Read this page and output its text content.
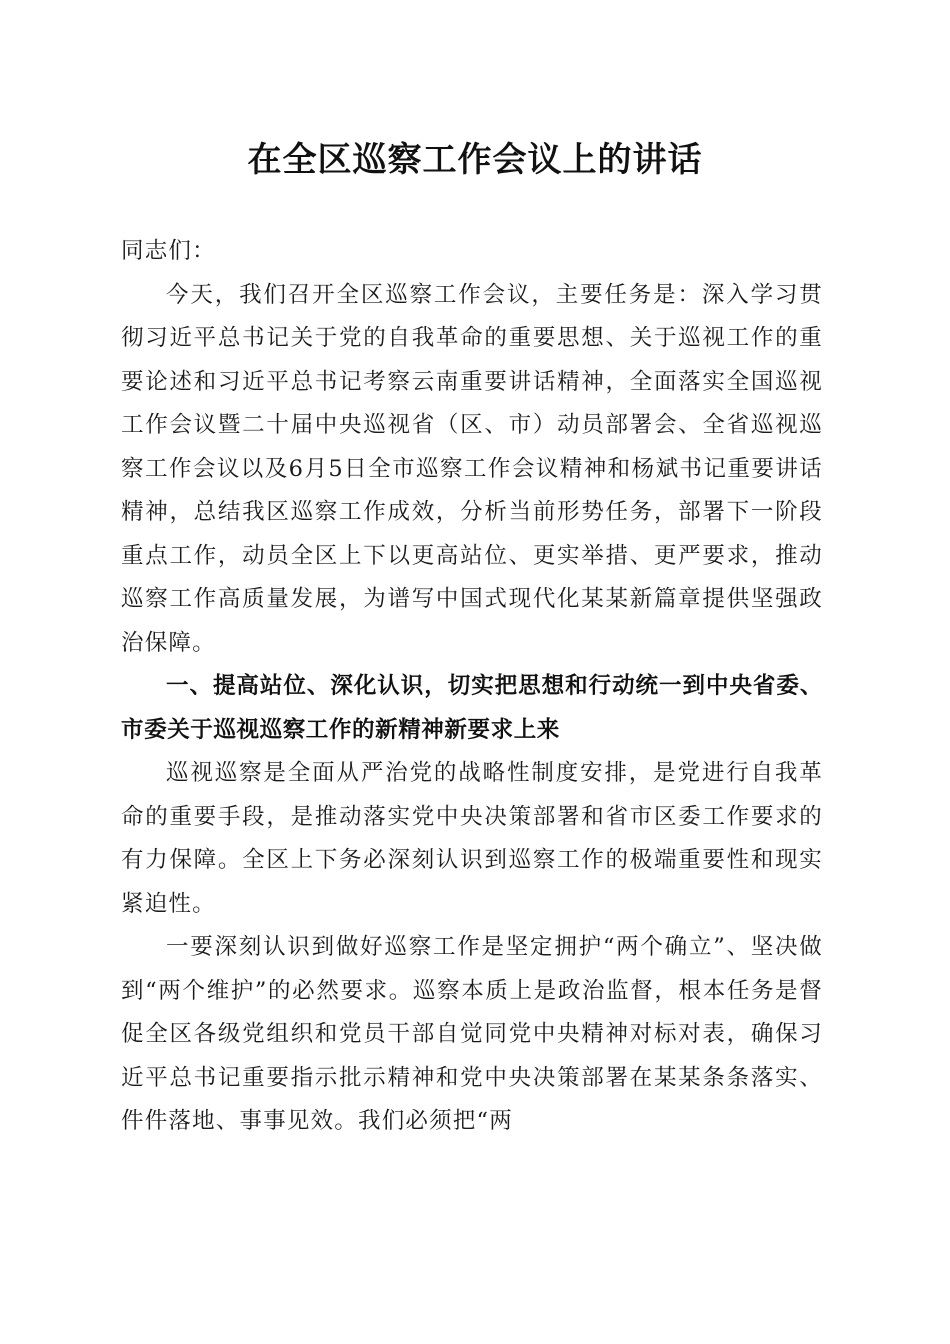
在全区巡察工作会议上的讲话

同志们：

今天，我们召开全区巡察工作会议，主要任务是：深入学习贯彻习近平总书记关于党的自我革命的重要思想、关于巡视工作的重要论述和习近平总书记考察云南重要讲话精神，全面落实全国巡视工作会议暨二十届中央巡视省（区、市）动员部署会、全省巡视巡察工作会议以及6月5日全市巡察工作会议精神和杨斌书记重要讲话精神，总结我区巡察工作成效，分析当前形势任务，部署下一阶段重点工作，动员全区上下以更高站位、更实举措、更严要求，推动巡察工作高质量发展，为谱写中国式现代化某某新篇章提供坚强政治保障。

一、提高站位、深化认识，切实把思想和行动统一到中央省委、市委关于巡视巡察工作的新精神新要求上来

巡视巡察是全面从严治党的战略性制度安排，是党进行自我革命的重要手段，是推动落实党中央决策部署和省市区委工作要求的有力保障。全区上下务必深刻认识到巡察工作的极端重要性和现实紧迫性。

一要深刻认识到做好巡察工作是坚定拥护“两个确立”、坚决做到“两个维护”的必然要求。巡察本质上是政治监督，根本任务是督促全区各级党组织和党员干部自觉同党中央精神对标对表，确保习近平总书记重要指示批示精神和党中央决策部署在某某条条落实、件件落地、事事见效。我们必须把“两
